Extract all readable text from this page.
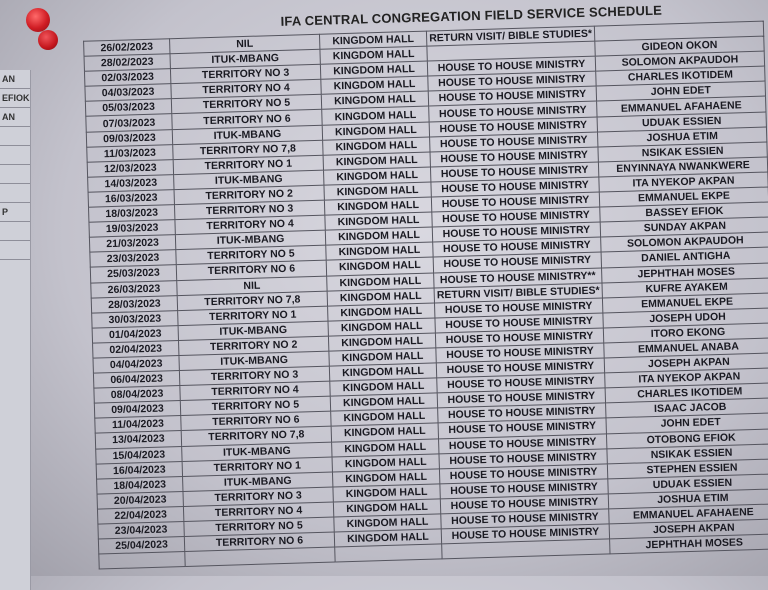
AN
EFIOK
AN
P
IFA CENTRAL CONGREGATION FIELD SERVICE SCHEDULE
26/02/2023	NIL	KINGDOM HALL	RETURN VISIT/ BIBLE STUDIES*	
28/02/2023	ITUK-MBANG	KINGDOM HALL		GIDEON OKON
02/03/2023	TERRITORY NO 3	KINGDOM HALL	HOUSE TO HOUSE MINISTRY	SOLOMON AKPAUDOH
04/03/2023	TERRITORY NO 4	KINGDOM HALL	HOUSE TO HOUSE MINISTRY	CHARLES IKOTIDEM
05/03/2023	TERRITORY NO 5	KINGDOM HALL	HOUSE TO HOUSE MINISTRY	JOHN EDET
07/03/2023	TERRITORY NO 6	KINGDOM HALL	HOUSE TO HOUSE MINISTRY	EMMANUEL AFAHAENE
09/03/2023	ITUK-MBANG	KINGDOM HALL	HOUSE TO HOUSE MINISTRY	UDUAK ESSIEN
11/03/2023	TERRITORY NO 7,8	KINGDOM HALL	HOUSE TO HOUSE MINISTRY	JOSHUA ETIM
12/03/2023	TERRITORY NO 1	KINGDOM HALL	HOUSE TO HOUSE MINISTRY	NSIKAK ESSIEN
14/03/2023	ITUK-MBANG	KINGDOM HALL	HOUSE TO HOUSE MINISTRY	ENYINNAYA NWANKWERE
16/03/2023	TERRITORY NO 2	KINGDOM HALL	HOUSE TO HOUSE MINISTRY	ITA NYEKOP AKPAN
18/03/2023	TERRITORY NO 3	KINGDOM HALL	HOUSE TO HOUSE MINISTRY	EMMANUEL EKPE
19/03/2023	TERRITORY NO 4	KINGDOM HALL	HOUSE TO HOUSE MINISTRY	BASSEY EFIOK
21/03/2023	ITUK-MBANG	KINGDOM HALL	HOUSE TO HOUSE MINISTRY	SUNDAY AKPAN
23/03/2023	TERRITORY NO 5	KINGDOM HALL	HOUSE TO HOUSE MINISTRY	SOLOMON AKPAUDOH
25/03/2023	TERRITORY NO 6	KINGDOM HALL	HOUSE TO HOUSE MINISTRY	DANIEL ANTIGHA
26/03/2023	NIL	KINGDOM HALL	HOUSE TO HOUSE MINISTRY**	JEPHTHAH MOSES
28/03/2023	TERRITORY NO 7,8	KINGDOM HALL	RETURN VISIT/ BIBLE STUDIES*	KUFRE AYAKEM
30/03/2023	TERRITORY NO 1	KINGDOM HALL	HOUSE TO HOUSE MINISTRY	EMMANUEL EKPE
01/04/2023	ITUK-MBANG	KINGDOM HALL	HOUSE TO HOUSE MINISTRY	JOSEPH UDOH
02/04/2023	TERRITORY NO 2	KINGDOM HALL	HOUSE TO HOUSE MINISTRY	ITORO EKONG
04/04/2023	ITUK-MBANG	KINGDOM HALL	HOUSE TO HOUSE MINISTRY	EMMANUEL ANABA
06/04/2023	TERRITORY NO 3	KINGDOM HALL	HOUSE TO HOUSE MINISTRY	JOSEPH AKPAN
08/04/2023	TERRITORY NO 4	KINGDOM HALL	HOUSE TO HOUSE MINISTRY	ITA NYEKOP AKPAN
09/04/2023	TERRITORY NO 5	KINGDOM HALL	HOUSE TO HOUSE MINISTRY	CHARLES IKOTIDEM
11/04/2023	TERRITORY NO 6	KINGDOM HALL	HOUSE TO HOUSE MINISTRY	ISAAC JACOB
13/04/2023	TERRITORY NO 7,8	KINGDOM HALL	HOUSE TO HOUSE MINISTRY	JOHN EDET
15/04/2023	ITUK-MBANG	KINGDOM HALL	HOUSE TO HOUSE MINISTRY	OTOBONG EFIOK
16/04/2023	TERRITORY NO 1	KINGDOM HALL	HOUSE TO HOUSE MINISTRY	NSIKAK ESSIEN
18/04/2023	ITUK-MBANG	KINGDOM HALL	HOUSE TO HOUSE MINISTRY	STEPHEN ESSIEN
20/04/2023	TERRITORY NO 3	KINGDOM HALL	HOUSE TO HOUSE MINISTRY	UDUAK ESSIEN
22/04/2023	TERRITORY NO 4	KINGDOM HALL	HOUSE TO HOUSE MINISTRY	JOSHUA ETIM
23/04/2023	TERRITORY NO 5	KINGDOM HALL	HOUSE TO HOUSE MINISTRY	EMMANUEL AFAHAENE
25/04/2023	TERRITORY NO 6	KINGDOM HALL	HOUSE TO HOUSE MINISTRY	JOSEPH AKPAN
				JEPHTHAH MOSES
